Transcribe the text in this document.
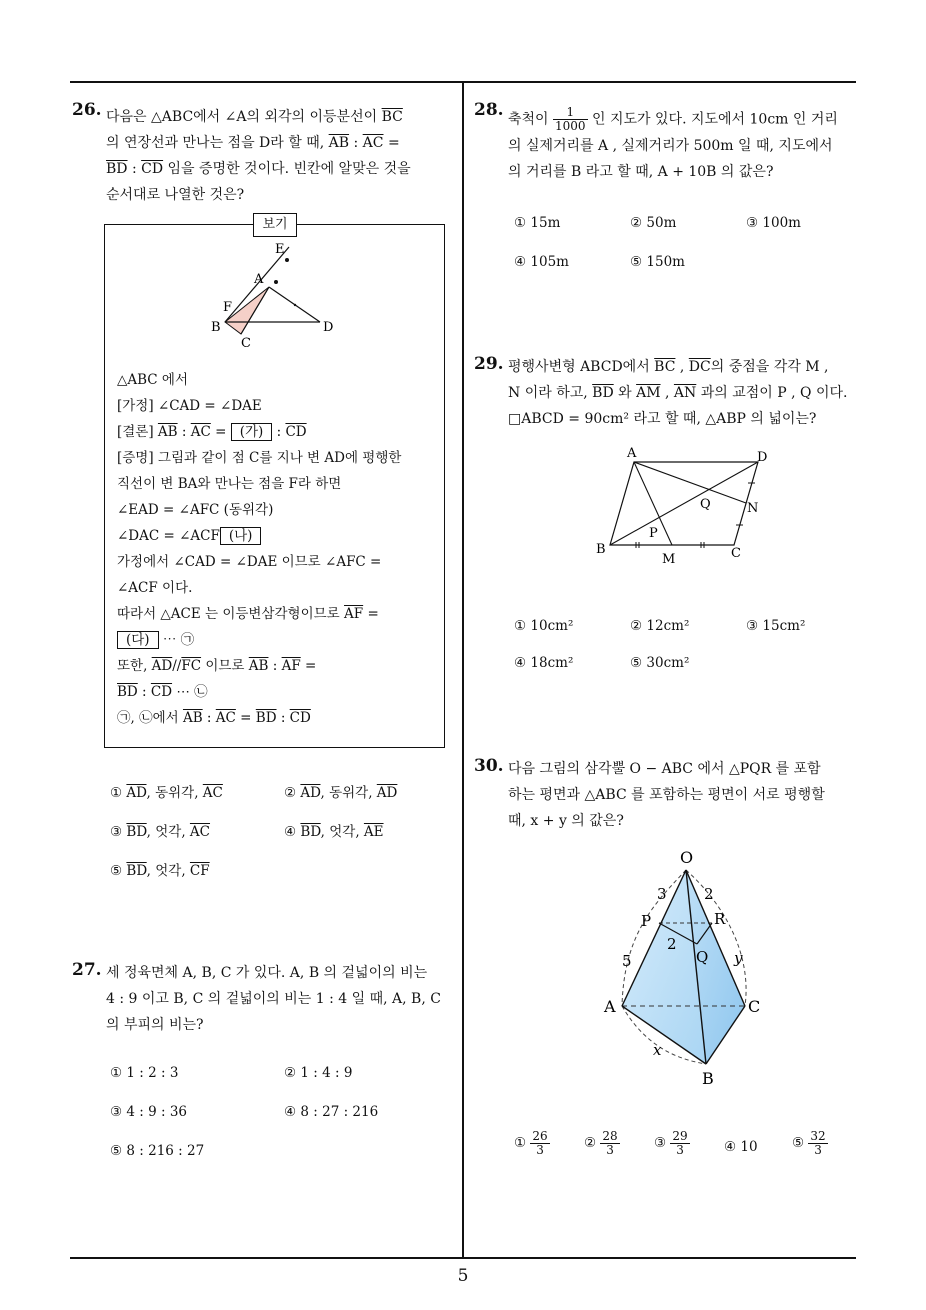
5
26. 다음은 △ABC에서 ∠A의 외각의 이등분선이 $\overline{BC}$
의 연장선과 만나는 점을 D라 할 때, $\overline{AB}$ : $\overline{AC}$ =
$\overline{BD}$ : $\overline{CD}$ 임을 증명한 것이다. 빈칸에 알맞은 것을
순서대로 나열한 것은?
보기
E
A
F
B
C
D
△ABC 에서
[가정] ∠CAD = ∠DAE
[결론] $\overline{AB}$ : $\overline{AC}$ = (가) : $\overline{CD}$
[증명] 그림과 같이 점 C를 지나 변 AD에 평행한
직선이 변 BA와 만나는 점을 F라 하면
∠EAD = ∠AFC (동위각)
∠DAC = ∠ACF (나)
가정에서 ∠CAD = ∠DAE 이므로 ∠AFC =
∠ACF 이다.
따라서 △ACE 는 이등변삼각형이므로 $\overline{AF}$ =
(다) ⋯ ㉠
또한, $\overline{AD}//\overline{FC}$ 이므로 $\overline{AB}$ : $\overline{AF}$ =
$\overline{BD}$ : $\overline{CD}$ ⋯ ㉡
㉠, ㉡에서 $\overline{AB}$ : $\overline{AC} = \overline{BD}$ : $\overline{CD}$
① $\overline{AD}$, 동위각, $\overline{AC}$	② $\overline{AD}$, 동위각, $\overline{AD}$
③ $\overline{BD}$, 엇각, $\overline{AC}$	④ $\overline{BD}$, 엇각, $\overline{AE}$
⑤ $\overline{BD}$, 엇각, $\overline{CF}$
27. 세 정육면체 A, B, C 가 있다. A, B 의 겉넓이의 비는
4 : 9 이고 B, C 의 겉넓이의 비는 1 : 4 일 때, A, B, C
의 부피의 비는?
① 1 : 2 : 3	② 1 : 4 : 9
③ 4 : 9 : 36	④ 8 : 27 : 216
⑤ 8 : 216 : 27
28. 축척이 $\frac{1}{1000}$ 인 지도가 있다. 지도에서 10cm 인 거리
의 실제거리를 A , 실제거리가 500m 일 때, 지도에서
의 거리를 B 라고 할 때, A + 10B 의 값은?
① 15m	② 50m	③ 100m
④ 105m	⑤ 150m
29. 평행사변형 ABCD에서 $\overline{BC}$ , $\overline{DC}$의 중점을 각각 M ,
N 이라 하고, $\overline{BD}$ 와 $\overline{AM}$ , $\overline{AN}$ 과의 교점이 P , Q 이다.
□ABCD = 90cm² 라고 할 때, △ABP 의 넓이는?
A	D
Q	N
P
B
M	C
① 10cm²	② 12cm²	③ 15cm²
④ 18cm²	⑤ 30cm²
30. 다음 그림의 삼각뿔 O − ABC 에서 △PQR 를 포함
하는 평면과 △ABC 를 포함하는 평면이 서로 평행할
때, x + y 의 값은?
O
3 2
P	R
2
Q
5	y
A	C
x
B
① $\frac{26}{3}$	② $\frac{28}{3}$	③ $\frac{29}{3}$	④ 10	⑤ $\frac{32}{3}$
